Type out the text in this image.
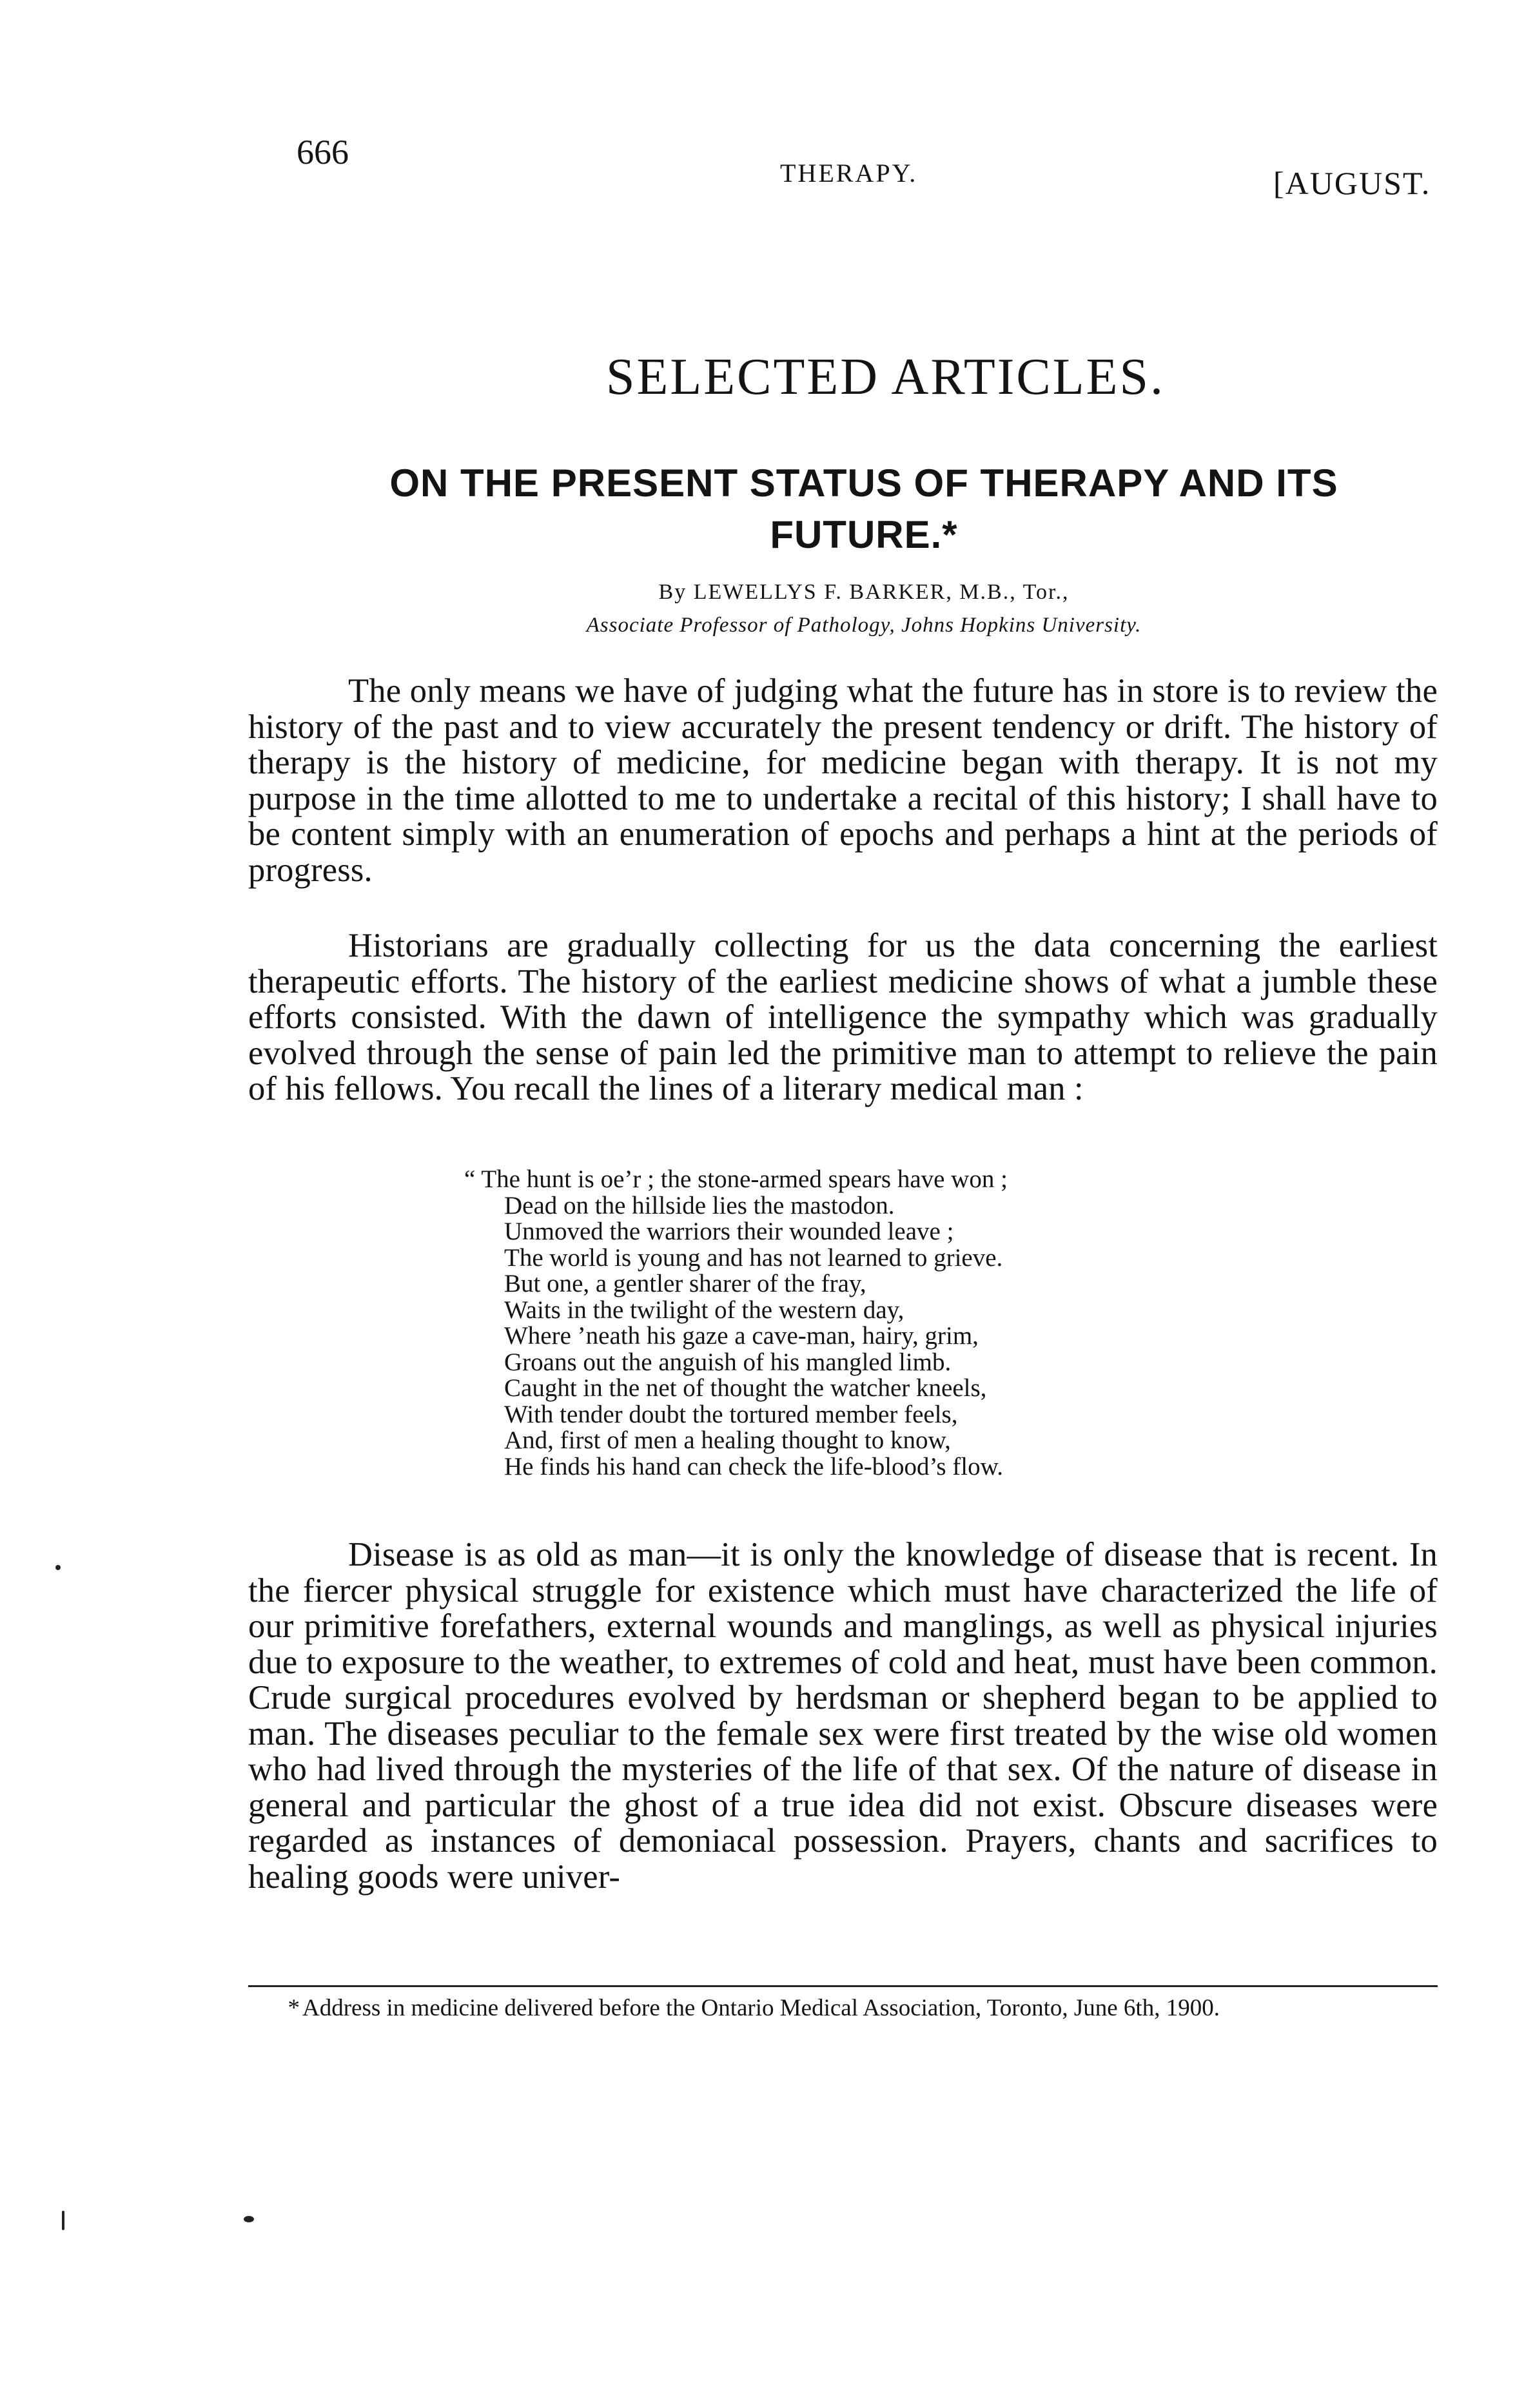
666
THERAPY.	[AUGUST.
SELECTED ARTICLES.
ON THE PRESENT STATUS OF THERAPY AND ITS FUTURE.*
By LEWELLYS F. BARKER, M.B., Tor.,
Associate Professor of Pathology, Johns Hopkins University.

The only means we have of judging what the future has in store is to review the history of the past and to view accurately the present tendency or drift. The history of therapy is the history of medicine, for medicine began with therapy. It is not my purpose in the time allotted to me to undertake a recital of this history; I shall have to be content simply with an enumeration of epochs and perhaps a hint at the periods of progress.

Historians are gradually collecting for us the data concerning the earliest therapeutic efforts. The history of the earliest medicine shows of what a jumble these efforts consisted. With the dawn of intelligence the sympathy which was gradually evolved through the sense of pain led the primitive man to attempt to relieve the pain of his fellows. You recall the lines of a literary medical man :

“ The hunt is oe’r ; the stone-armed spears have won ;
Dead on the hillside lies the mastodon.
Unmoved the warriors their wounded leave ;
The world is young and has not learned to grieve.
But one, a gentler sharer of the fray,
Waits in the twilight of the western day,
Where ’neath his gaze a cave-man, hairy, grim,
Groans out the anguish of his mangled limb.
Caught in the net of thought the watcher kneels,
With tender doubt the tortured member feels,
And, first of men a healing thought to know,
He finds his hand can check the life-blood’s flow.

Disease is as old as man—it is only the knowledge of disease that is recent. In the fiercer physical struggle for existence which must have characterized the life of our primitive forefathers, external wounds and manglings, as well as physical injuries due to exposure to the weather, to extremes of cold and heat, must have been common. Crude surgical procedures evolved by herdsman or shepherd began to be applied to man. The diseases peculiar to the female sex were first treated by the wise old women who had lived through the mysteries of the life of that sex. Of the nature of disease in general and particular the ghost of a true idea did not exist. Obscure diseases were regarded as instances of demoniacal possession. Prayers, chants and sacrifices to healing goods were univer-

* Address in medicine delivered before the Ontario Medical Association, Toronto, June 6th, 1900.
